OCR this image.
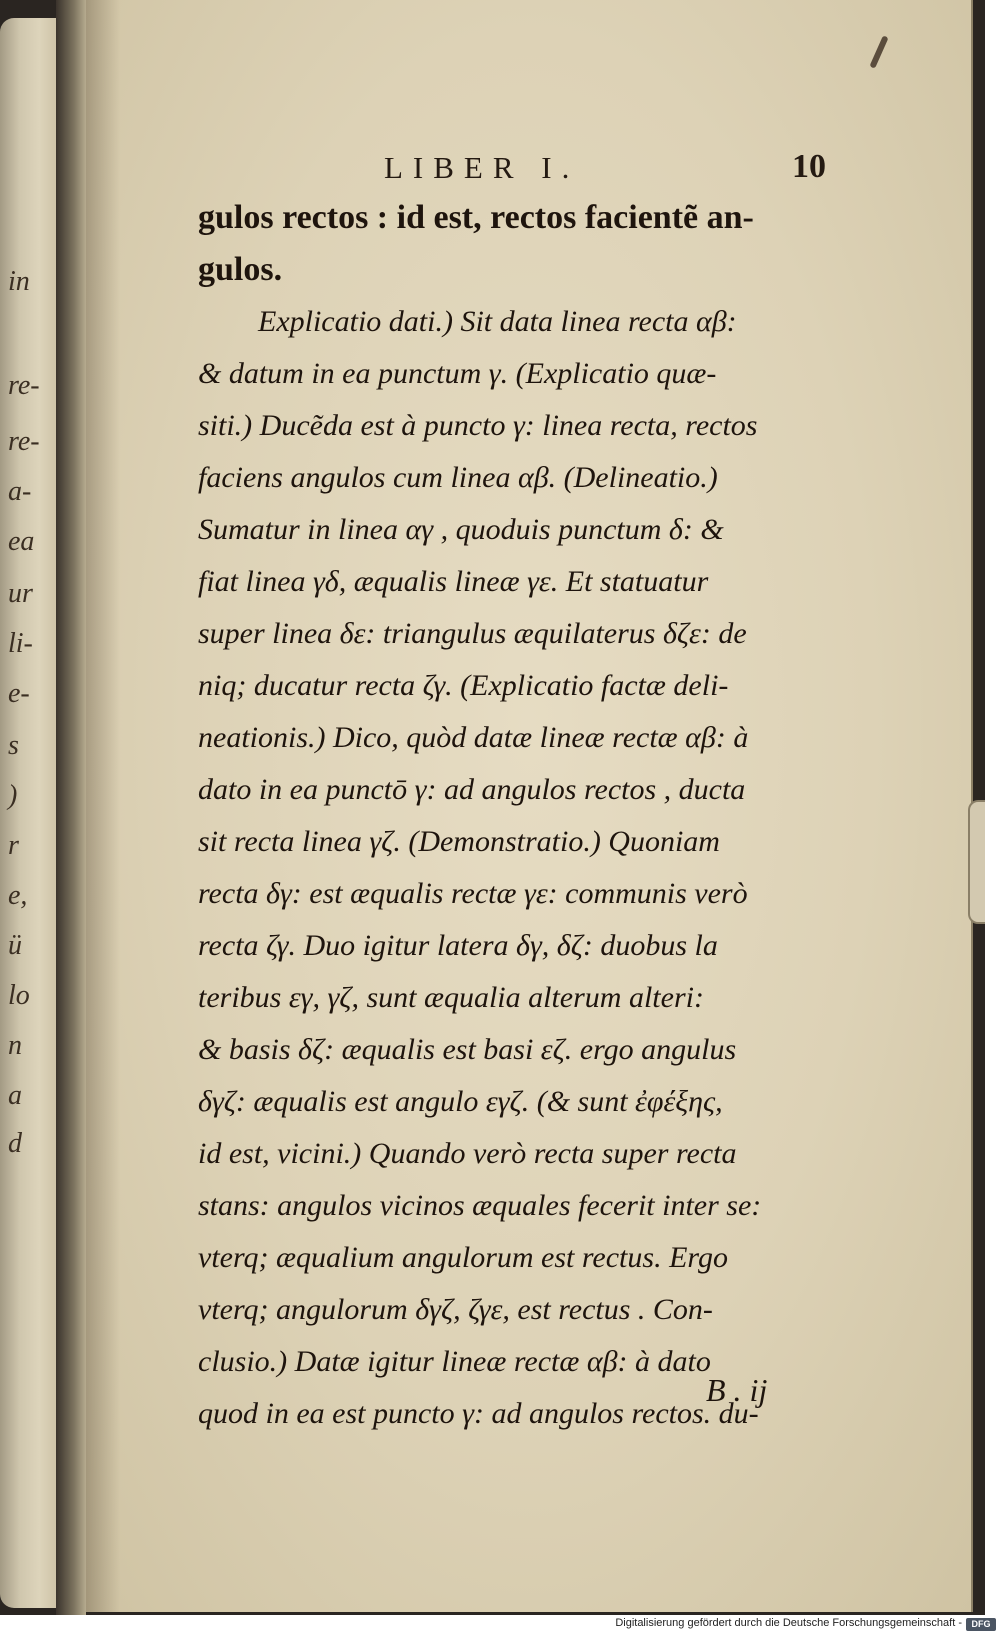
in
re-
re-
a-
ea
ur
li-
e-
s
)
r
e,
ü
lo
n
a
d
LIBER I.	10
gulos rectos : id est, rectos facientẽ an-
gulos.
Explicatio dati.) Sit data linea recta αβ:
& datum in ea punctum γ. (Explicatio quæ-
siti.) Ducẽda est à puncto γ: linea recta, rectos
faciens angulos cum linea αβ. (Delineatio.)
Sumatur in linea αγ , quoduis punctum δ: &
fiat linea γδ, æqualis lineæ γε. Et statuatur
super linea δε: triangulus æquilaterus δζε: de
niq; ducatur recta ζγ. (Explicatio factæ deli-
neationis.) Dico, quòd datæ lineæ rectæ αβ: à
dato in ea punctō γ: ad angulos rectos , ducta
sit recta linea γζ. (Demonstratio.) Quoniam
recta δγ: est æqualis rectæ γε: communis verò
recta ζγ. Duo igitur latera δγ, δζ: duobus la
teribus εγ, γζ, sunt æqualia alterum alteri:
& basis δζ: æqualis est basi εζ. ergo angulus
δγζ: æqualis est angulo εγζ. (& sunt ἐφέξης,
id est, vicini.) Quando verò recta super recta
stans: angulos vicinos æquales fecerit inter se:
vterq; æqualium angulorum est rectus. Ergo
vterq; angulorum δγζ, ζγε, est rectus . Con-
clusio.) Datæ igitur lineæ rectæ αβ: à dato
quod in ea est puncto γ: ad angulos rectos. du-
B . ij
Digitalisierung gefördert durch die Deutsche Forschungsgemeinschaft -	DFG
